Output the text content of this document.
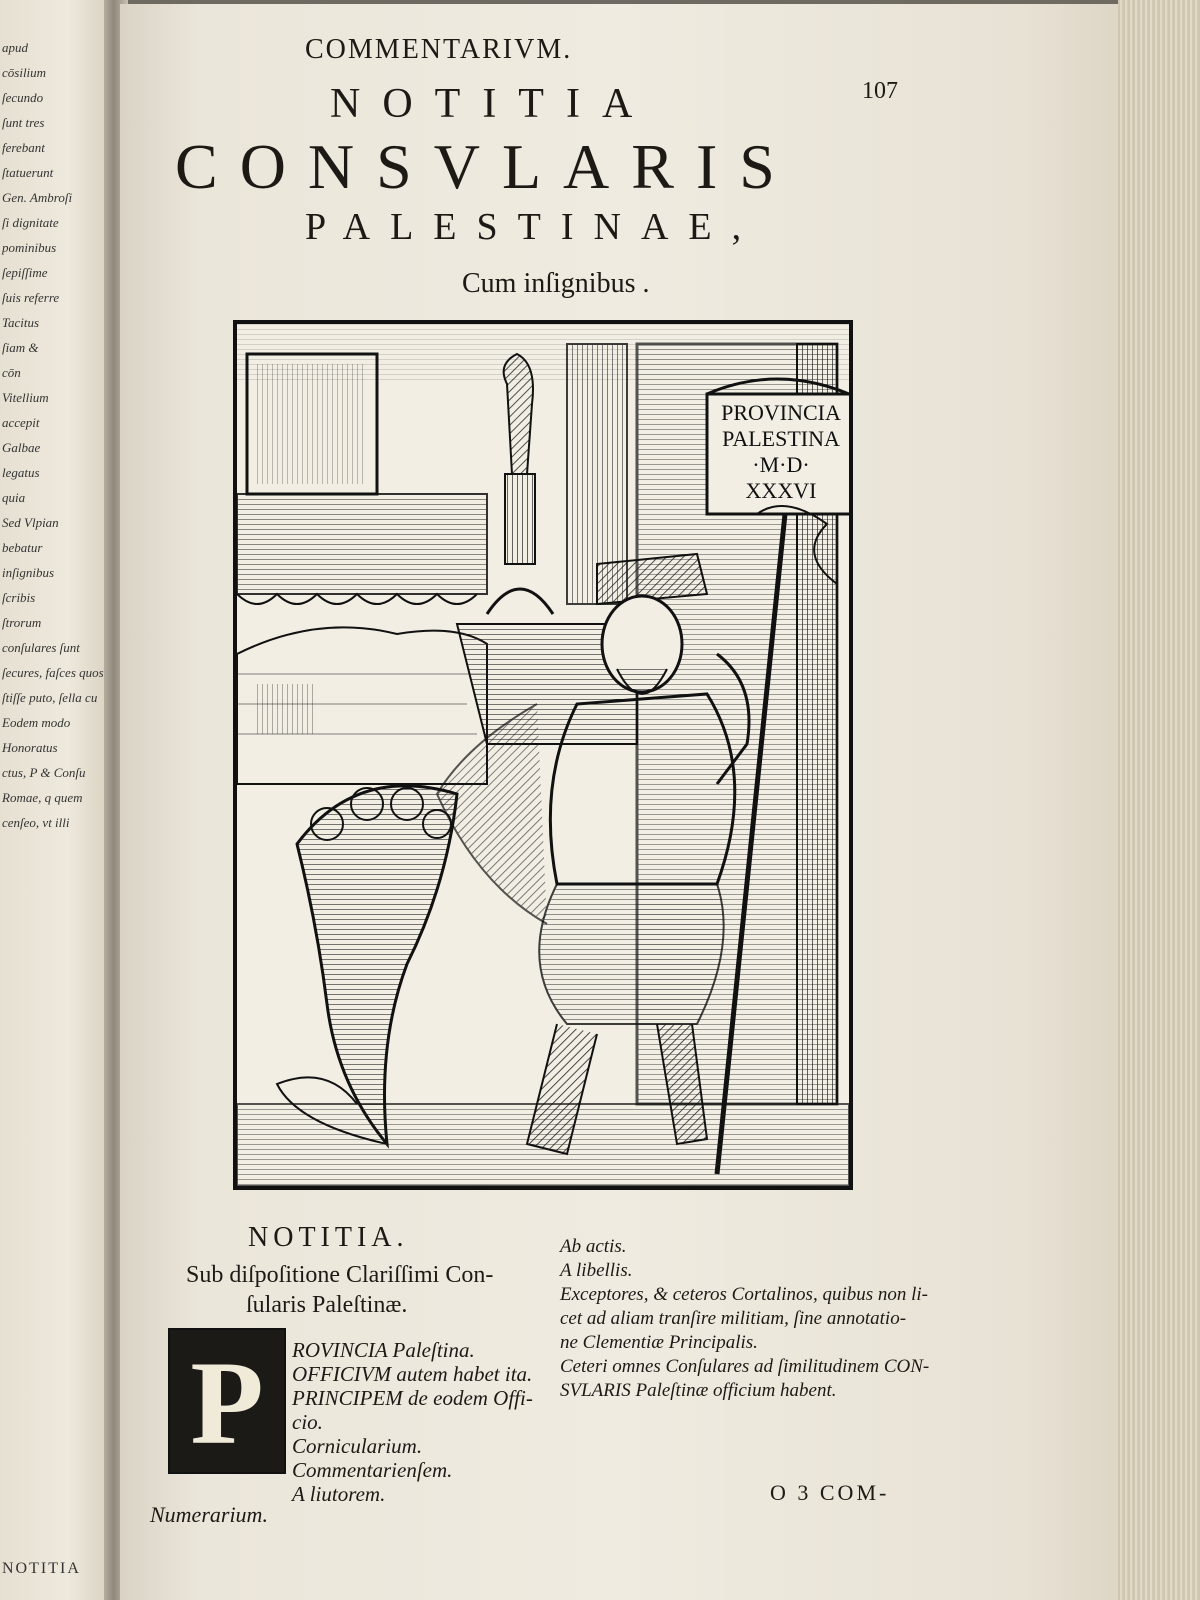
apud
cōsilium
ſecundo
ſunt tres
ferebant
ſtatuerunt
Gen. Ambroſi
ſi dignitate
pominibus
ſepiſſime
ſuis referre
Tacitus
ſiam &
cōn
Vitellium
accepit
Galbae
legatus
quia
Sed Vlpian
bebatur
inſignibus
ſcribis
ſtrorum
conſulares ſunt
ſecures, faſces quos
ſtiſſe puto, ſella cu
Eodem modo
Honoratus
ctus, P & Conſu
Romae, q quem
cenſeo, vt illi
NOTITIA
COMMENTARIVM.
107
NOTITIA
CONSVLARIS
PALESTINAE,
Cum inſignibus .
PROVINCIA
PALESTINA
·M·D·
XXXVI
NOTITIA.
Sub diſpoſitione Clariſſimi Con-
ſularis Paleſtinæ.
P	ROVINCIA Paleſtina.
OFFICIVM autem habet ita.
PRINCIPEM de eodem Offi-
cio.
Cornicularium.
Commentarienſem.
A liutorem.
Numerarium.
Ab actis.
A libellis.
Exceptores, & ceteros Cortalinos, quibus non li-
cet ad aliam tranſire militiam, ſine annotatio-
ne Clementiæ Principalis.
Ceteri omnes Conſulares ad ſimilitudinem CON-
SVLARIS Paleſtinæ officium habent.
O 3 COM-
